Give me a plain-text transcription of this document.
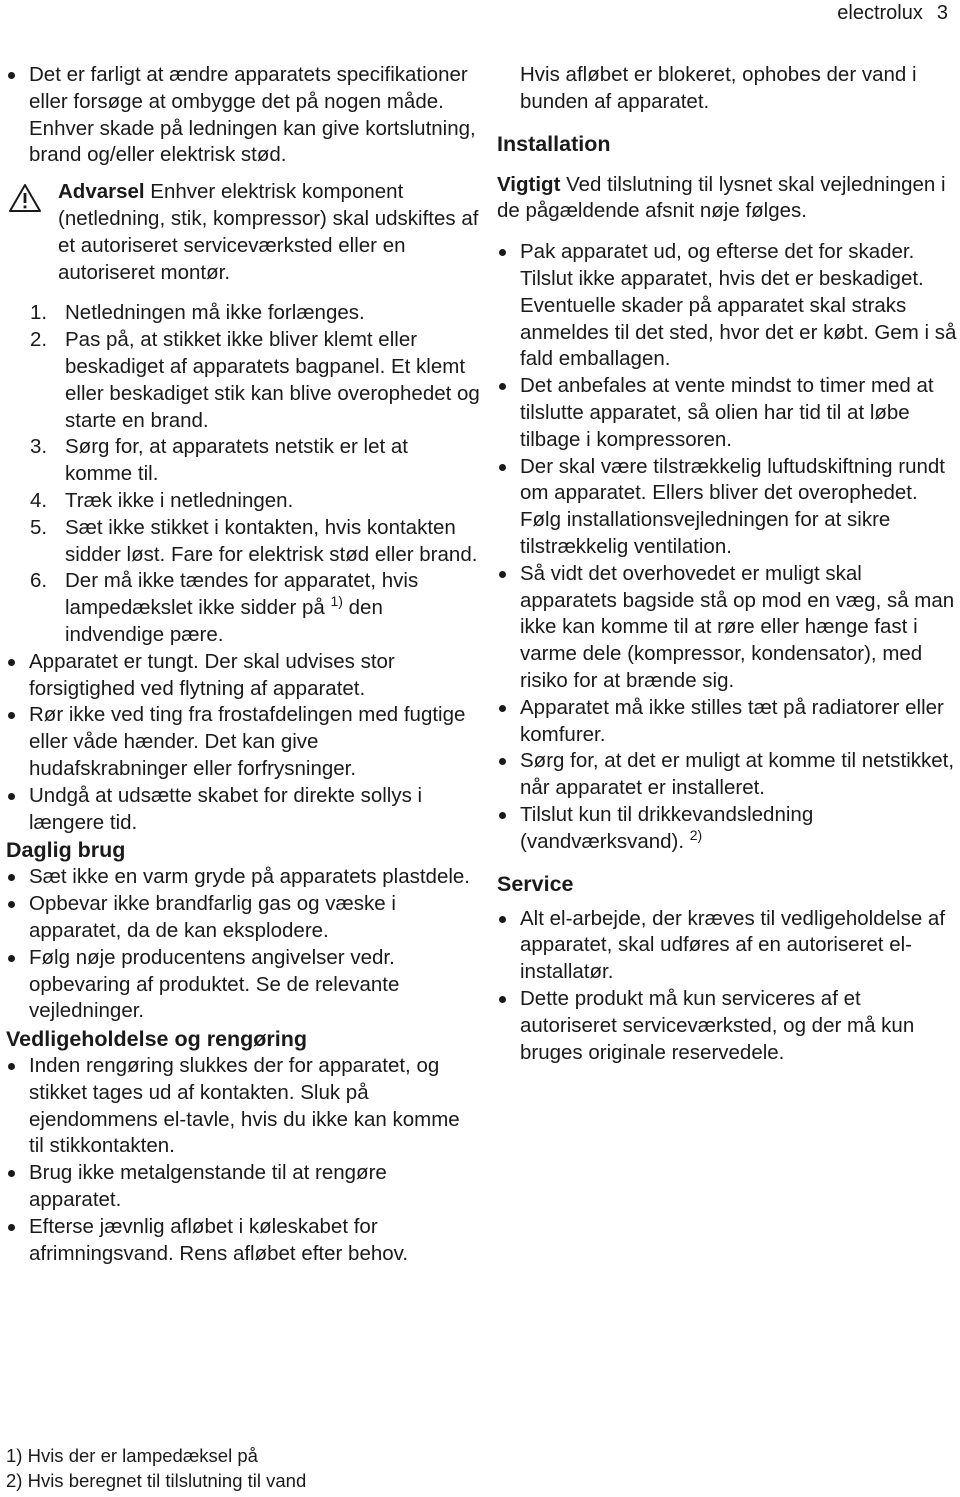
electrolux 3
Det er farligt at ændre apparatets specifikationer eller forsøge at ombygge det på nogen måde. Enhver skade på ledningen kan give kortslutning, brand og/eller elektrisk stød.
Advarsel Enhver elektrisk komponent (netledning, stik, kompressor) skal udskiftes af et autoriseret serviceværksted eller en autoriseret montør.
1. Netledningen må ikke forlænges.
2. Pas på, at stikket ikke bliver klemt eller beskadiget af apparatets bagpanel. Et klemt eller beskadiget stik kan blive overophedet og starte en brand.
3. Sørg for, at apparatets netstik er let at komme til.
4. Træk ikke i netledningen.
5. Sæt ikke stikket i kontakten, hvis kontakten sidder løst. Fare for elektrisk stød eller brand.
6. Der må ikke tændes for apparatet, hvis lampedækslet ikke sidder på $^{1)}$ den indvendige pære.
Apparatet er tungt. Der skal udvises stor forsigtighed ved flytning af apparatet.
Rør ikke ved ting fra frostafdelingen med fugtige eller våde hænder. Det kan give hudafskrabninger eller forfrysninger.
Undgå at udsætte skabet for direkte sollys i længere tid.
Daglig brug
Sæt ikke en varm gryde på apparatets plastdele.
Opbevar ikke brandfarlig gas og væske i apparatet, da de kan eksplodere.
Følg nøje producentens angivelser vedr. opbevaring af produktet. Se de relevante vejledninger.
Vedligeholdelse og rengøring
Inden rengøring slukkes der for apparatet, og stikket tages ud af kontakten. Sluk på ejendommens el-tavle, hvis du ikke kan komme til stikkontakten.
Brug ikke metalgenstande til at rengøre apparatet.
Efterse jævnlig afløbet i køleskabet for afrimningsvand. Rens afløbet efter behov.
Hvis afløbet er blokeret, ophobes der vand i bunden af apparatet.
Installation
Vigtigt Ved tilslutning til lysnet skal vejledningen i de pågældende afsnit nøje følges.
Pak apparatet ud, og efterse det for skader. Tilslut ikke apparatet, hvis det er beskadiget. Eventuelle skader på apparatet skal straks anmeldes til det sted, hvor det er købt. Gem i så fald emballagen.
Det anbefales at vente mindst to timer med at tilslutte apparatet, så olien har tid til at løbe tilbage i kompressoren.
Der skal være tilstrækkelig luftudskiftning rundt om apparatet. Ellers bliver det overophedet. Følg installationsvejledningen for at sikre tilstrækkelig ventilation.
Så vidt det overhovedet er muligt skal apparatets bagside stå op mod en væg, så man ikke kan komme til at røre eller hænge fast i varme dele (kompressor, kondensator), med risiko for at brænde sig.
Apparatet må ikke stilles tæt på radiatorer eller komfurer.
Sørg for, at det er muligt at komme til netstikket, når apparatet er installeret.
Tilslut kun til drikkevandsledning (vandværksvand). $^{2)}$
Service
Alt el-arbejde, der kræves til vedligeholdelse af apparatet, skal udføres af en autoriseret el-installatør.
Dette produkt må kun serviceres af et autoriseret serviceværksted, og der må kun bruges originale reservedele.
1) Hvis der er lampedæksel på
2) Hvis beregnet til tilslutning til vand
